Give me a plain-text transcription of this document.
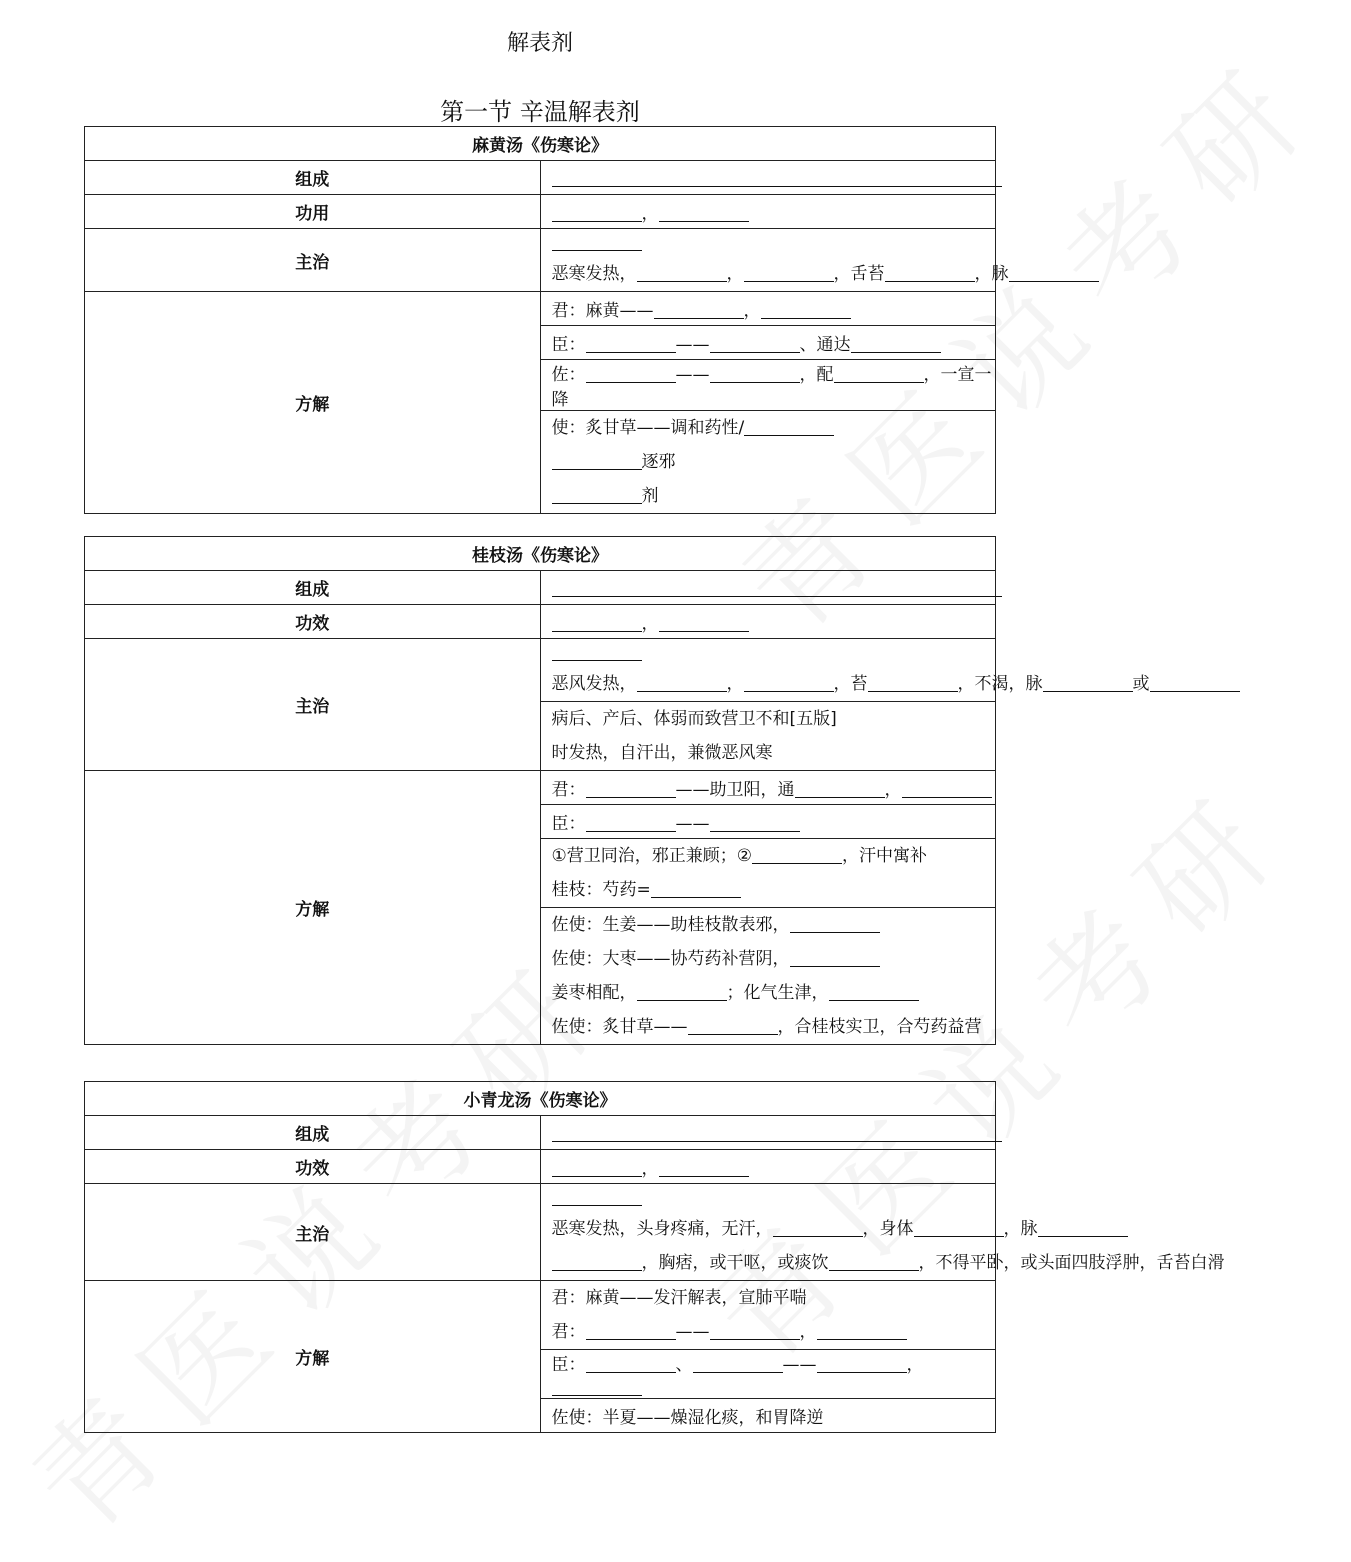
解表剂
第一节 辛温解表剂
麻黄汤《伤寒论》	
组成	
功用	，
主治	恶寒发热， ， ，舌苔 ，脉

方解	君：麻黄—— ，
	臣： —— 、通达
	佐： —— ，配 ，一宣一降

	使：炙甘草——调和药性/
逐邪
剂
桂枝汤《伤寒论》	
组成	
功效	，
主治	恶风发热， ， ，苔 ，不渴，脉 或

	病后、产后、体弱而致营卫不和[五版]
时发热，自汗出，兼微恶风寒

方解	君： ——助卫阳，通 ，
	臣： ——

	①营卫同治，邪正兼顾；② ，汗中寓补
桂枝：芍药=

	佐使：生姜——助桂枝散表邪，
佐使：大枣——协芍药补营阴，
姜枣相配， ；化气生津，
佐使：炙甘草—— ，合桂枝实卫，合芍药益营
小青龙汤《伤寒论》	
组成	
功效	，
主治	恶寒发热，头身疼痛，无汗， ，身体 ，脉
，胸痞，或干呕，或痰饮 ，不得平卧，或头面四肢浮肿，舌苔白滑

方解	君：麻黄——发汗解表，宣肺平喘
君： —— ，

	臣： 、 —— ，
	佐使：半夏——燥湿化痰，和胃降逆
